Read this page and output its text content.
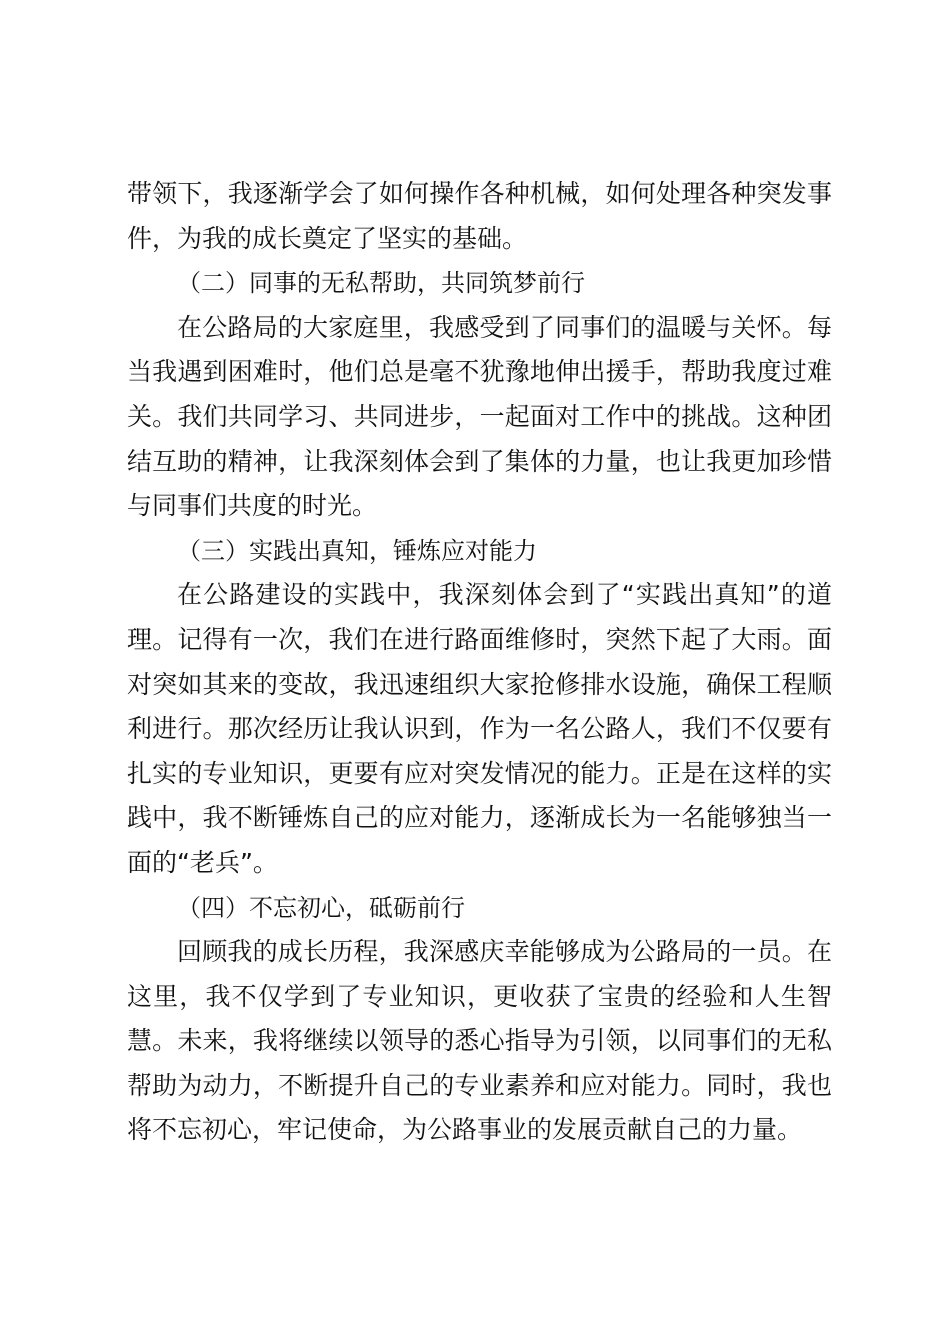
带领下，我逐渐学会了如何操作各种机械，如何处理各种突发事件，为我的成长奠定了坚实的基础。

（二）同事的无私帮助，共同筑梦前行

在公路局的大家庭里，我感受到了同事们的温暖与关怀。每当我遇到困难时，他们总是毫不犹豫地伸出援手，帮助我度过难关。我们共同学习、共同进步，一起面对工作中的挑战。这种团结互助的精神，让我深刻体会到了集体的力量，也让我更加珍惜与同事们共度的时光。

（三）实践出真知，锤炼应对能力

在公路建设的实践中，我深刻体会到了“实践出真知”的道理。记得有一次，我们在进行路面维修时，突然下起了大雨。面对突如其来的变故，我迅速组织大家抢修排水设施，确保工程顺利进行。那次经历让我认识到，作为一名公路人，我们不仅要有扎实的专业知识，更要有应对突发情况的能力。正是在这样的实践中，我不断锤炼自己的应对能力，逐渐成长为一名能够独当一面的“老兵”。

（四）不忘初心，砥砺前行

回顾我的成长历程，我深感庆幸能够成为公路局的一员。在这里，我不仅学到了专业知识，更收获了宝贵的经验和人生智慧。未来，我将继续以领导的悉心指导为引领，以同事们的无私帮助为动力，不断提升自己的专业素养和应对能力。同时，我也将不忘初心，牢记使命，为公路事业的发展贡献自己的力量。
